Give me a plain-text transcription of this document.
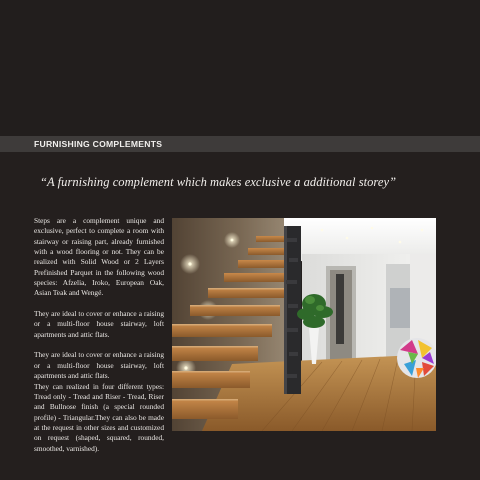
FURNISHING COMPLEMENTS

“A furnishing complement which makes exclusive a additional storey”

Steps are a complement unique and exclusive, perfect to complete a room with stairway or raising part, already furnished with a wood flooring or not. They can be realized with Solid Wood or 2 Layers Prefinished Parquet in the following wood species: Afzelia, Iroko, European Oak, Asian Teak and Wengé.

They are ideal to cover or enhance a raising or a multi-floor house stairway, loft apartments and attic flats.

They are ideal to cover or enhance a raising or a multi-floor house stairway, loft apartments and attic flats.

They can realized in four different types: Tread only - Tread and Riser - Tread, Riser and Bullnose finish (a special rounded profile) - Triangular.They can also be made at the request in other sizes and customized on request (shaped, squared, rounded, smoothed, varnished).
